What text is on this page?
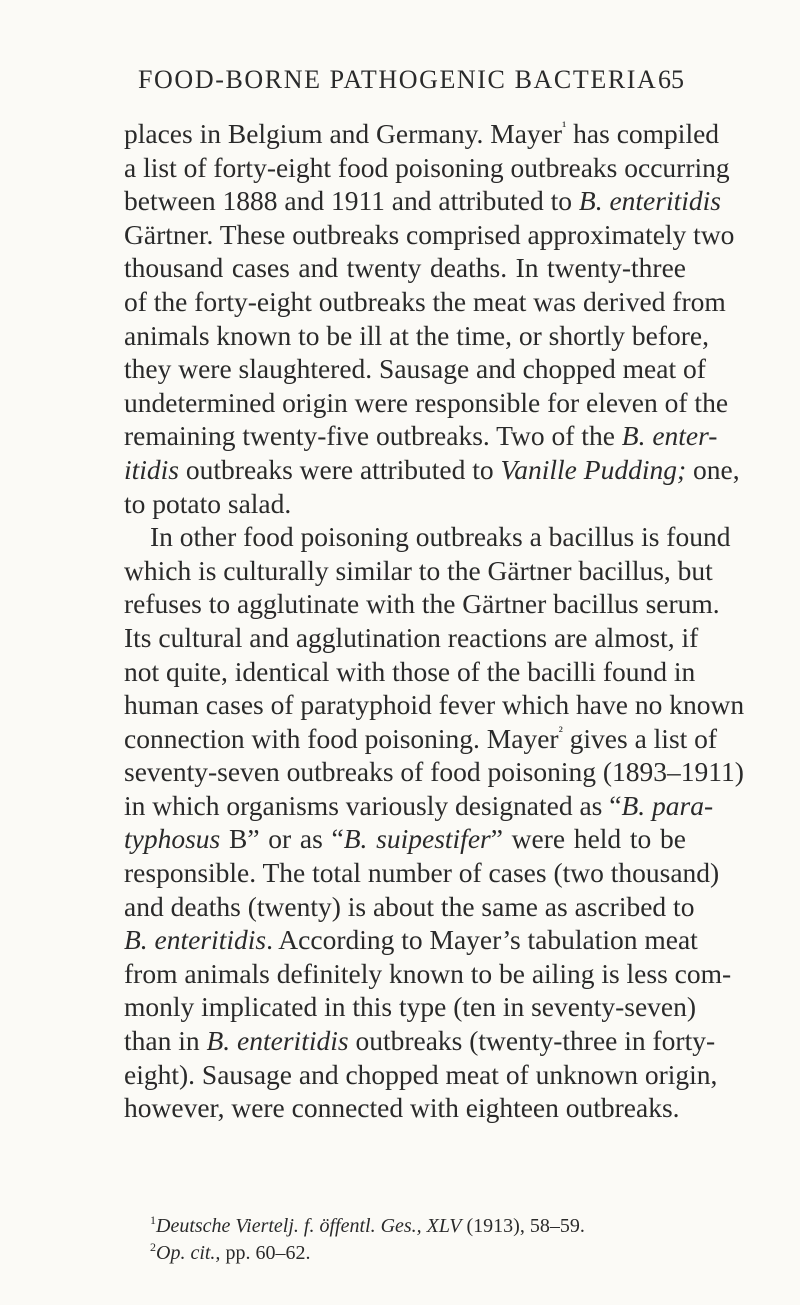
FOOD-BORNE PATHOGENIC BACTERIA 65
places in Belgium and Germany. Mayer$^{^1}$ has compiled
a list of forty-eight food poisoning outbreaks occurring
between 1888 and 1911 and attributed to B. enteritidis
Gärtner. These outbreaks comprised approximately two
thousand cases and twenty deaths. In twenty-three
of the forty-eight outbreaks the meat was derived from
animals known to be ill at the time, or shortly before,
they were slaughtered. Sausage and chopped meat of
undetermined origin were responsible for eleven of the
remaining twenty-five outbreaks. Two of the B. enter-
itidis outbreaks were attributed to Vanille Pudding; one,
to potato salad.
In other food poisoning outbreaks a bacillus is found
which is culturally similar to the Gärtner bacillus, but
refuses to agglutinate with the Gärtner bacillus serum.
Its cultural and agglutination reactions are almost, if
not quite, identical with those of the bacilli found in
human cases of paratyphoid fever which have no known
connection with food poisoning. Mayer$^{^2}$ gives a list of
seventy-seven outbreaks of food poisoning (1893–1911)
in which organisms variously designated as “B. para-
typhosus B” or as “B. suipestifer” were held to be
responsible. The total number of cases (two thousand)
and deaths (twenty) is about the same as ascribed to
B. enteritidis. According to Mayer’s tabulation meat
from animals definitely known to be ailing is less com-
monly implicated in this type (ten in seventy-seven)
than in B. enteritidis outbreaks (twenty-three in forty-
eight). Sausage and chopped meat of unknown origin,
however, were connected with eighteen outbreaks.
$^1$Deutsche Viertelj. f. öffentl. Ges., XLV (1913), 58–59.
$^2$Op. cit., pp. 60–62.
